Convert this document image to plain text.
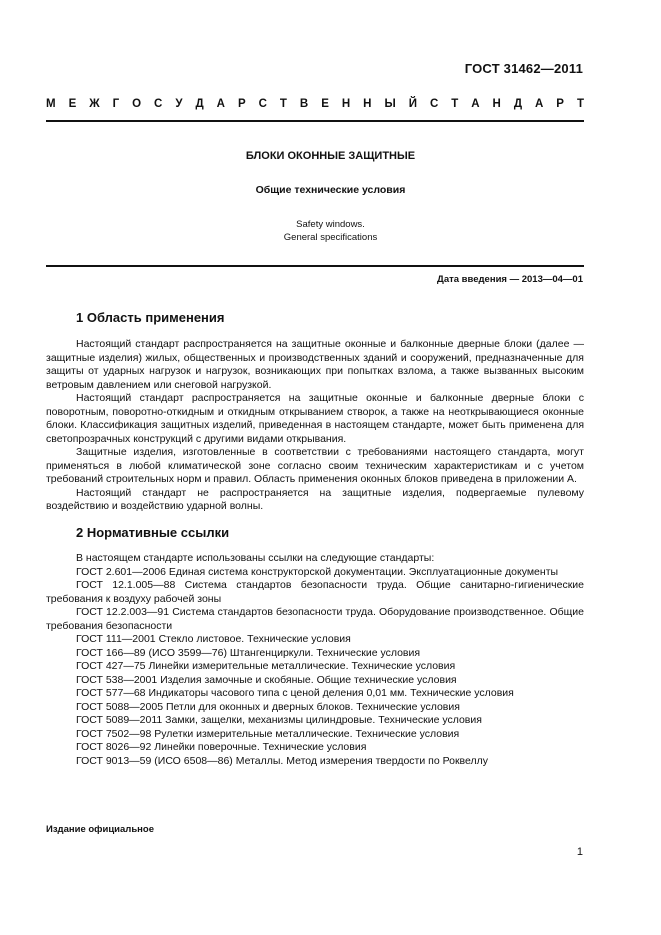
ГОСТ 31462—2011
М Е Ж Г О С У Д А Р С Т В Е Н Н Ы Й С Т А Н Д А Р Т
БЛОКИ ОКОННЫЕ ЗАЩИТНЫЕ
Общие технические условия
Safety windows.
General specifications
Дата введения — 2013—04—01
1 Область применения

Настоящий стандарт распространяется на защитные оконные и балконные дверные блоки (далее — защитные изделия) жилых, общественных и производственных зданий и сооружений, предназначенные для защиты от ударных нагрузок и нагрузок, возникающих при попытках взлома, а также вызванных высоким ветровым давлением или снеговой нагрузкой.

Настоящий стандарт распространяется на защитные оконные и балконные дверные блоки с поворотным, поворотно-откидным и откидным открыванием створок, а также на неоткрывающиеся оконные блоки. Классификация защитных изделий, приведенная в настоящем стандарте, может быть применена для светопрозрачных конструкций с другими видами открывания.

Защитные изделия, изготовленные в соответствии с требованиями настоящего стандарта, могут применяться в любой климатической зоне согласно своим техническим характеристикам и с учетом требований строительных норм и правил. Область применения оконных блоков приведена в приложении А.

Настоящий стандарт не распространяется на защитные изделия, подвергаемые пулевому воздействию и воздействию ударной волны.

2 Нормативные ссылки

В настоящем стандарте использованы ссылки на следующие стандарты:

ГОСТ 2.601—2006 Единая система конструкторской документации. Эксплуатационные документы

ГОСТ 12.1.005—88 Система стандартов безопасности труда. Общие санитарно-гигиенические требования к воздуху рабочей зоны

ГОСТ 12.2.003—91 Система стандартов безопасности труда. Оборудование производственное. Общие требования безопасности

ГОСТ 111—2001 Стекло листовое. Технические условия

ГОСТ 166—89 (ИСО 3599—76) Штангенциркули. Технические условия

ГОСТ 427—75 Линейки измерительные металлические. Технические условия

ГОСТ 538—2001 Изделия замочные и скобяные. Общие технические условия

ГОСТ 577—68 Индикаторы часового типа с ценой деления 0,01 мм. Технические условия

ГОСТ 5088—2005 Петли для оконных и дверных блоков. Технические условия

ГОСТ 5089—2011 Замки, защелки, механизмы цилиндровые. Технические условия

ГОСТ 7502—98 Рулетки измерительные металлические. Технические условия

ГОСТ 8026—92 Линейки поверочные. Технические условия

ГОСТ 9013—59 (ИСО 6508—86) Металлы. Метод измерения твердости по Роквеллу

Издание официальное
1
